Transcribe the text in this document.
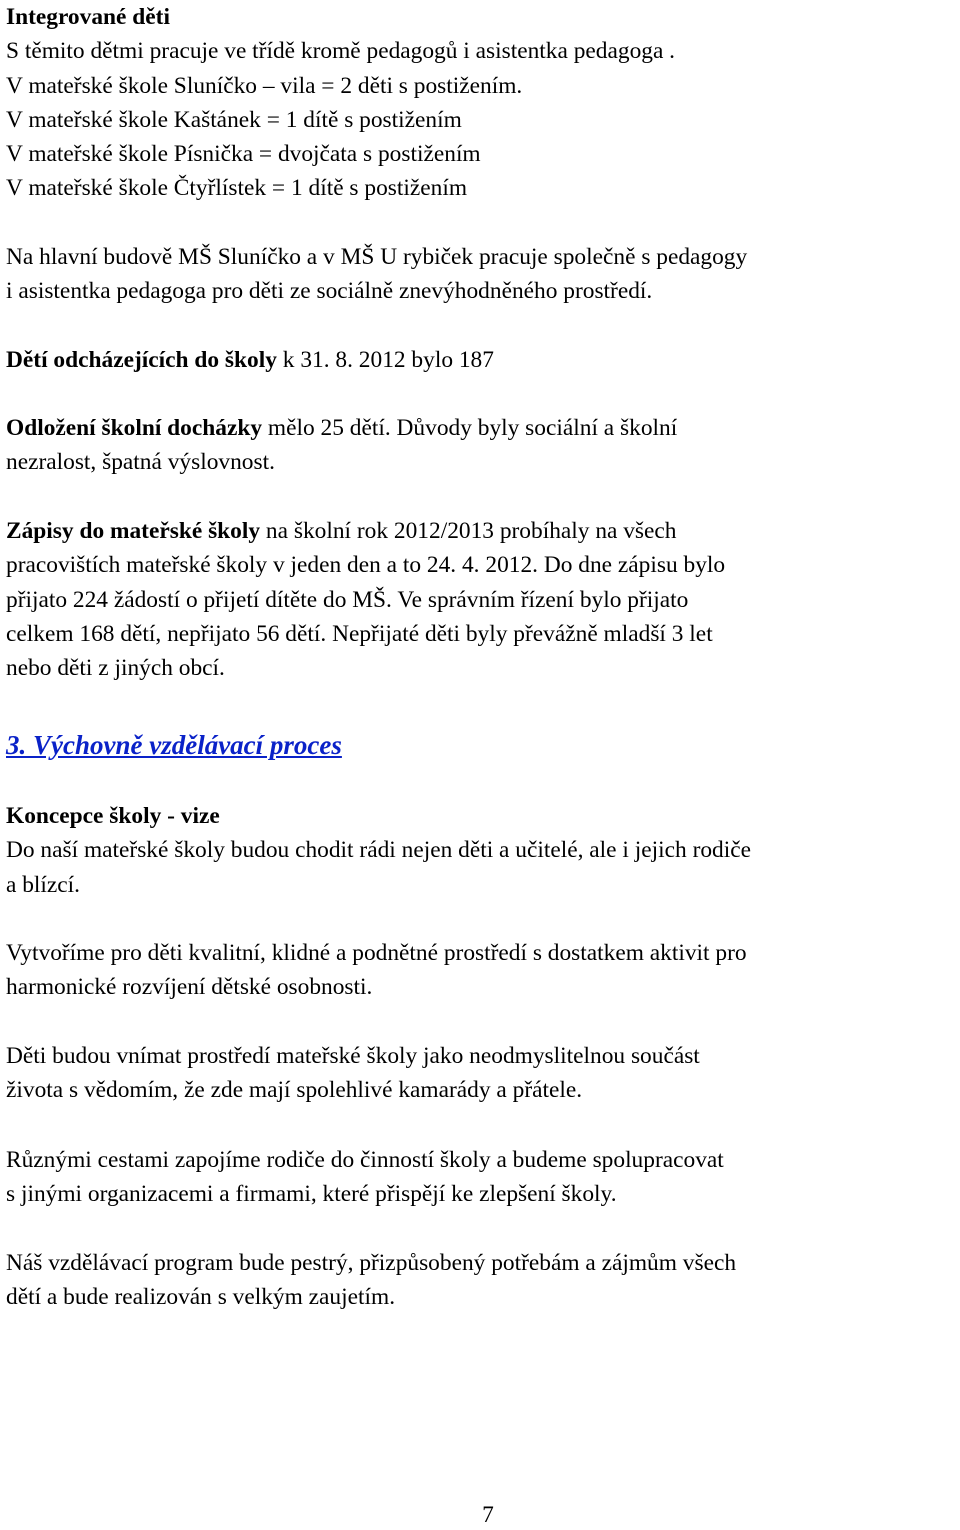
Integrované děti

S těmito dětmi pracuje ve třídě kromě pedagogů i asistentka pedagoga .

V mateřské škole Sluníčko – vila = 2 děti s postižením.

V mateřské škole Kaštánek = 1 dítě s postižením

V mateřské škole Písnička = dvojčata s postižením

V mateřské škole Čtyřlístek = 1 dítě s postižením

Na hlavní budově MŠ Sluníčko a v MŠ U rybiček pracuje společně s pedagogy

i asistentka pedagoga pro děti ze sociálně znevýhodněného prostředí.

Dětí odcházejících do školy k 31. 8. 2012 bylo 187

Odložení školní docházky mělo 25 dětí. Důvody byly sociální a školní

nezralost, špatná výslovnost.

Zápisy do mateřské školy na školní rok 2012/2013 probíhaly na všech

pracovištích mateřské školy v jeden den a to 24. 4. 2012. Do dne zápisu bylo

přijato 224 žádostí o přijetí dítěte do MŠ. Ve správním řízení bylo přijato

celkem 168 dětí, nepřijato 56 dětí. Nepřijaté děti byly převážně mladší 3 let

nebo děti z jiných obcí.

3. Výchovně vzdělávací proces

Koncepce školy - vize

Do naší mateřské školy budou chodit rádi nejen děti a učitelé, ale i jejich rodiče

a blízcí.

Vytvoříme pro děti kvalitní, klidné a podnětné prostředí s dostatkem aktivit pro

harmonické rozvíjení dětské osobnosti.

Děti budou vnímat prostředí mateřské školy jako neodmyslitelnou součást

života s vědomím, že zde mají spolehlivé kamarády a přátele.

Různými cestami zapojíme rodiče do činností školy a budeme spolupracovat

s jinými organizacemi a firmami, které přispějí ke zlepšení školy.

Náš vzdělávací program bude pestrý, přizpůsobený potřebám a zájmům všech

dětí a bude realizován s velkým zaujetím.

7
